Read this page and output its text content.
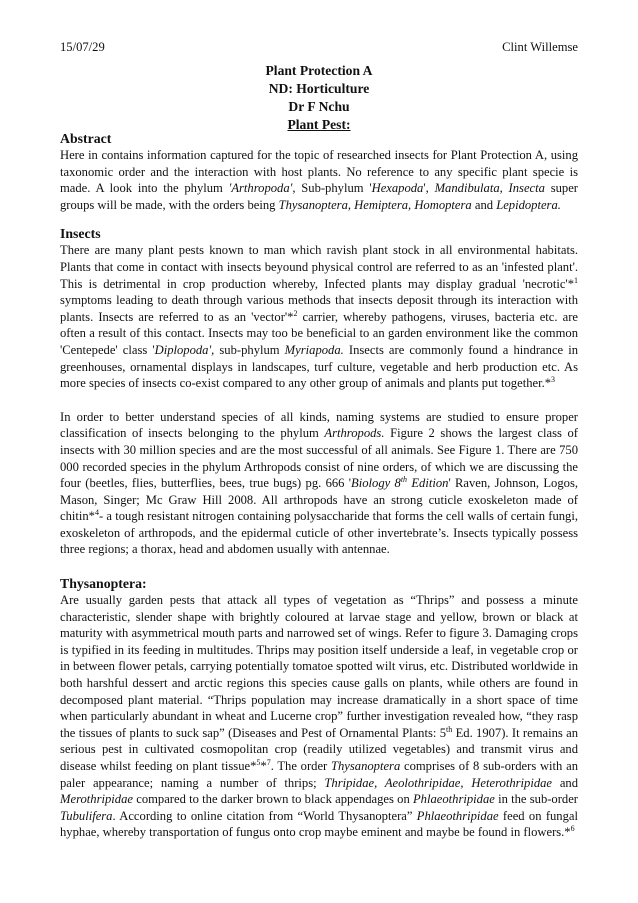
15/07/29	Clint Willemse
Plant Protection A
ND: Horticulture
Dr F Nchu
Plant Pest:
Abstract

Here in contains information captured for the topic of researched insects for Plant Protection A, using taxonomic order and the interaction with host plants. No reference to any specific plant specie is made. A look into the phylum 'Arthropoda', Sub-phylum 'Hexapoda', Mandibulata, Insecta super groups will be made, with the orders being Thysanoptera, Hemiptera, Homoptera and Lepidoptera.

Insects

There are many plant pests known to man which ravish plant stock in all environmental habitats. Plants that come in contact with insects beyound physical control are referred to as an 'infested plant'. This is detrimental in crop production whereby, Infected plants may display gradual 'necrotic'*$^1$ symptoms leading to death through various methods that insects deposit through its interaction with plants. Insects are referred to as an 'vector'*$^2$ carrier, whereby pathogens, viruses, bacteria etc. are often a result of this contact. Insects may too be beneficial to an garden environment like the common 'Centepede' class 'Diplopoda', sub-phylum Myriapoda. Insects are commonly found a hindrance in greenhouses, ornamental displays in landscapes, turf culture, vegetable and herb production etc. As more species of insects co-exist compared to any other group of animals and plants put together.*$^3$

In order to better understand species of all kinds, naming systems are studied to ensure proper classification of insects belonging to the phylum Arthropods. Figure 2 shows the largest class of insects with 30 million species and are the most successful of all animals. See Figure 1. There are 750 000 recorded species in the phylum Arthropods consist of nine orders, of which we are discussing the four (beetles, flies, butterflies, bees, true bugs) pg. 666 'Biology 8th Edition' Raven, Johnson, Logos, Mason, Singer; Mc Graw Hill 2008. All arthropods have an strong cuticle exoskeleton made of chitin*$^4$- a tough resistant nitrogen containing polysaccharide that forms the cell walls of certain fungi, exoskeleton of arthropods, and the epidermal cuticle of other invertebrate’s. Insects typically possess three regions; a thorax, head and abdomen usually with antennae.

Thysanoptera:

Are usually garden pests that attack all types of vegetation as “Thrips” and possess a minute characteristic, slender shape with brightly coloured at larvae stage and yellow, brown or black at maturity with asymmetrical mouth parts and narrowed set of wings. Refer to figure 3. Damaging crops is typified in its feeding in multitudes. Thrips may position itself underside a leaf, in vegetable crop or in between flower petals, carrying potentially tomatoe spotted wilt virus, etc. Distributed worldwide in both harshful dessert and arctic regions this species cause galls on plants, while others are found in decomposed plant material. “Thrips population may increase dramatically in a short space of time when particularly abundant in wheat and Lucerne crop” further investigation revealed how, “they rasp the tissues of plants to suck sap” (Diseases and Pest of Ornamental Plants: 5th Ed. 1907). It remains an serious pest in cultivated cosmopolitan crop (readily utilized vegetables) and transmit virus and disease whilst feeding on plant tissue*$^5$*$^7$. The order Thysanoptera comprises of 8 sub-orders with an paler appearance; naming a number of thrips; Thripidae, Aeolothripidae, Heterothripidae and Merothripidae compared to the darker brown to black appendages on Phlaeothripidae in the sub-order Tubulifera. According to online citation from “World Thysanoptera” Phlaeothripidae feed on fungal hyphae, whereby transportation of fungus onto crop maybe eminent and maybe be found in flowers.*$^6$
